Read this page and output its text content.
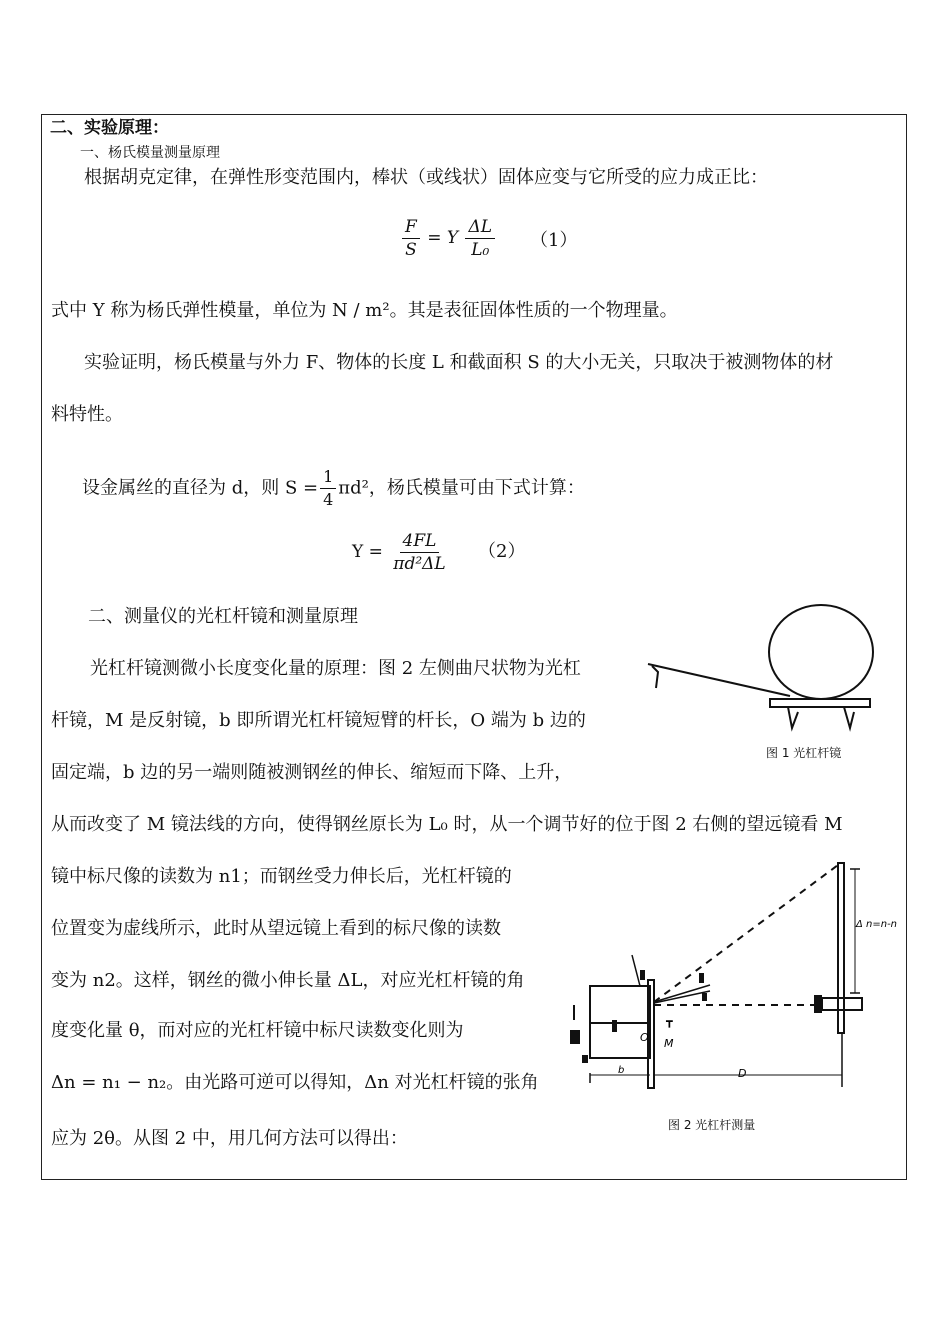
二、实验原理：
一、杨氏模量测量原理
根据胡克定律，在弹性形变范围内，棒状（或线状）固体应变与它所受的应力成正比：
$\frac{F}{S} = Y \frac{\Delta L}{\text{L₀}} (1)$
式中 Y 称为杨氏弹性模量，单位为 N / m²。其是表征固体性质的一个物理量。
实验证明，杨氏模量与外力 F、物体的长度 L 和截面积 S 的大小无关，只取决于被测物体的材
料特性。
设金属丝的直径为 d，则 $S = \frac{1}{4} \pi d^2$，杨氏模量可由下式计算：
$Y = \frac{4FL}{\text{πd²ΔL}} (2)$
二、测量仪的光杠杆镜和测量原理
光杠杆镜测微小长度变化量的原理：图 2 左侧曲尺状物为光杠
杆镜，M 是反射镜，b 即所谓光杠杆镜短臂的杆长，O 端为 b 边的
固定端，b 边的另一端则随被测钢丝的伸长、缩短而下降、上升，
从而改变了 M 镜法线的方向，使得钢丝原长为 L₀ 时，从一个调节好的位于图 2 右侧的望远镜看 M
镜中标尺像的读数为 n1；而钢丝受力伸长后，光杠杆镜的
位置变为虚线所示，此时从望远镜上看到的标尺像的读数
变为 n2。这样，钢丝的微小伸长量 ΔL，对应光杠杆镜的角
度变化量 θ，而对应的光杠杆镜中标尺读数变化则为
Δn = n₁ − n₂。由光路可逆可以得知，Δn 对光杠杆镜的张角
应为 2θ。从图 2 中，用几何方法可以得出：
图 1 光杠杆镜
┳
O M
Δ n=n-n
b	D
图 2 光杠杆测量
